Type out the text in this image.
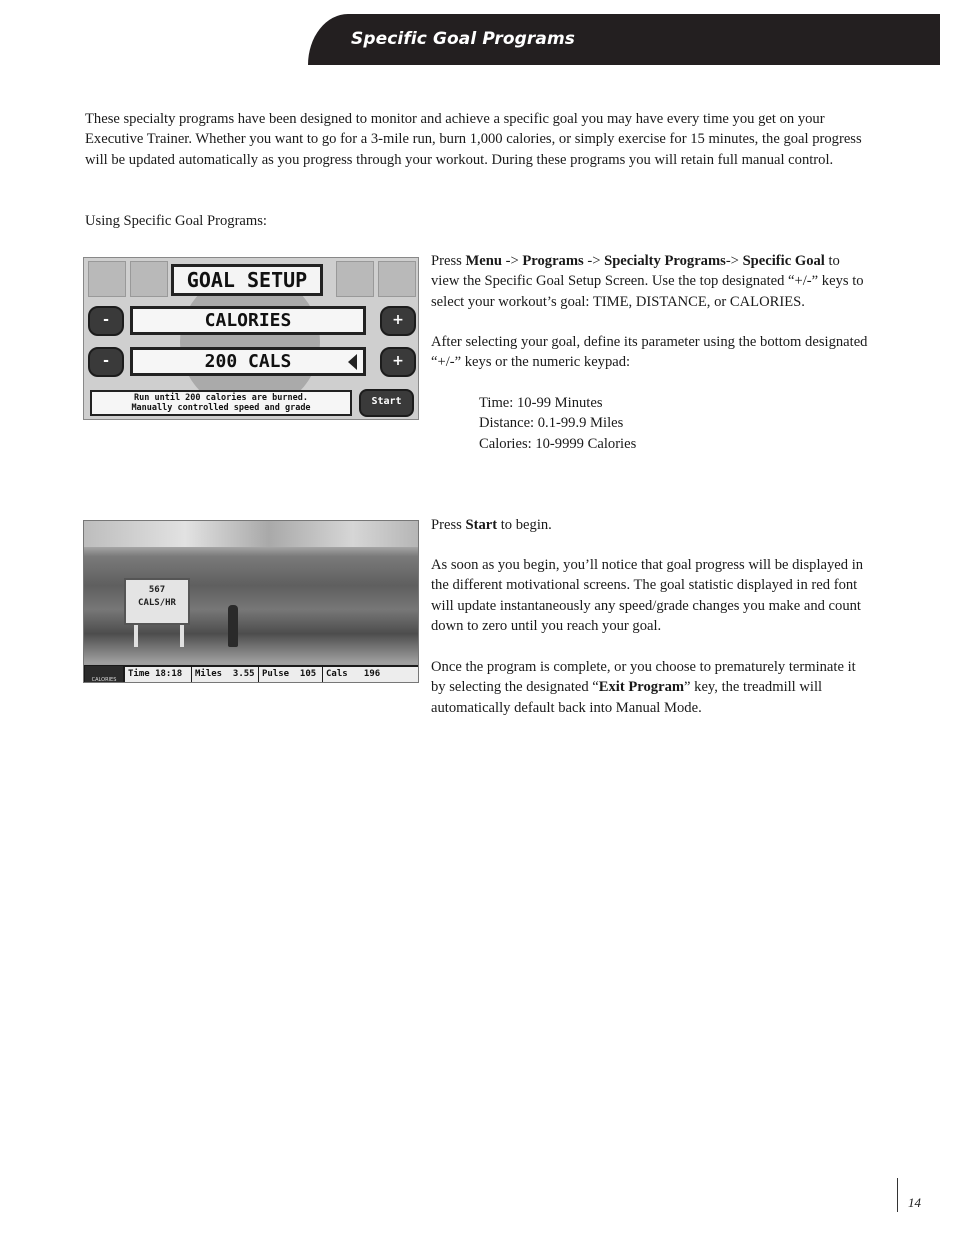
Specific Goal Programs

These specialty programs have been designed to monitor and achieve a specific goal you may have every time you get on your Executive Trainer. Whether you want to go for a 3-mile run, burn 1,000 calories, or simply exercise for 15 minutes, the goal progress will be updated automatically as you progress through your workout. During these programs you will retain full manual control.

Using Specific Goal Programs:

GOAL SETUP
-	CALORIES	+
-	200 CALS	+
Run until 200 calories are burned.
Manually controlled speed and grade
Start
Press Menu -> Programs -> Specialty Programs-> Specific Goal to view the Specific Goal Setup Screen. Use the top designated “+/-” keys to select your workout’s goal: TIME, DISTANCE, or CALORIES.

After selecting your goal, define its parameter using the bottom designated “+/-” keys or the numeric keypad:

Time: 10-99 Minutes
Distance: 0.1-99.9 Miles
Calories: 10-9999 Calories
567
CALS/HR
CALORIES
Time 18:18	Miles  3.55 Pulse  105	Cals   196
Press Start to begin.

As soon as you begin, you’ll notice that goal progress will be displayed in the different motivational screens. The goal statistic displayed in red font will update instantaneously any speed/grade changes you make and count down to zero until you reach your goal.

Once the program is complete, or you choose to prematurely terminate it by selecting the designated “Exit Program” key, the treadmill will automatically default back into Manual Mode.
14
